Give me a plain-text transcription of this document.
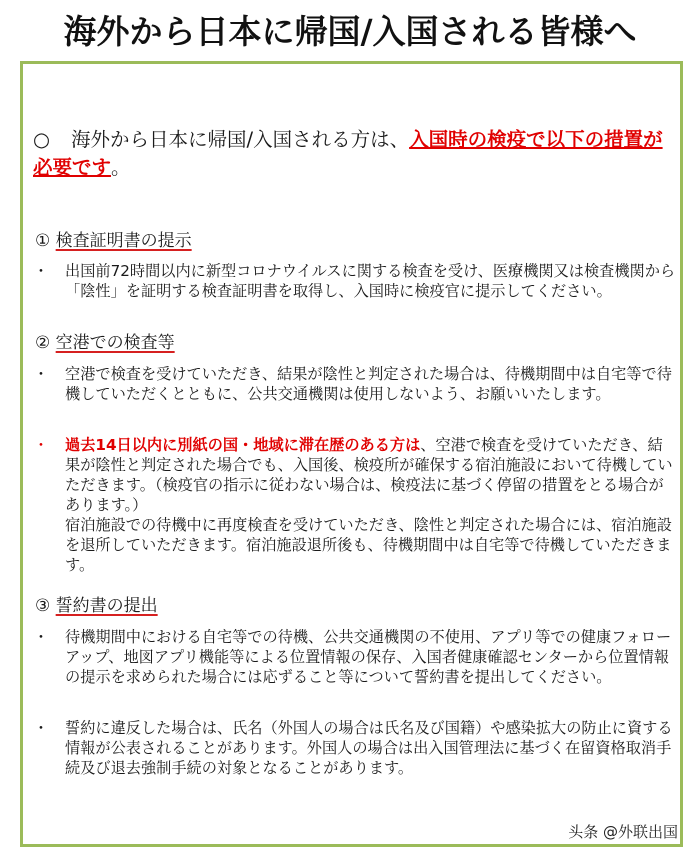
海外から日本に帰国/入国される皆様へ
○ 海外から日本に帰国/入国される方は、入国時の検疫で以下の措置が必要です。
① 検査証明書の提示
・ 出国前72時間以内に新型コロナウイルスに関する検査を受け、医療機関又は検査機関から「陰性」を証明する検査証明書を取得し、入国時に検疫官に提示してください。
② 空港での検査等
・ 空港で検査を受けていただき、結果が陰性と判定された場合は、待機期間中は自宅等で待機していただくとともに、公共交通機関は使用しないよう、お願いいたします。
・ 過去14日以内に別紙の国・地域に滞在歴のある方は、空港で検査を受けていただき、結果が陰性と判定された場合でも、入国後、検疫所が確保する宿泊施設において待機していただきます。（検疫官の指示に従わない場合は、検疫法に基づく停留の措置をとる場合があります。）
宿泊施設での待機中に再度検査を受けていただき、陰性と判定された場合には、宿泊施設を退所していただきます。宿泊施設退所後も、待機期間中は自宅等で待機していただきます。
③ 誓約書の提出
・ 待機期間中における自宅等での待機、公共交通機関の不使用、アプリ等での健康フォローアップ、地図アプリ機能等による位置情報の保存、入国者健康確認センターから位置情報の提示を求められた場合には応ずること等について誓約書を提出してください。
・ 誓約に違反した場合は、氏名（外国人の場合は氏名及び国籍）や感染拡大の防止に資する情報が公表されることがあります。外国人の場合は出入国管理法に基づく在留資格取消手続及び退去強制手続の対象となることがあります。
头条 @外联出国
